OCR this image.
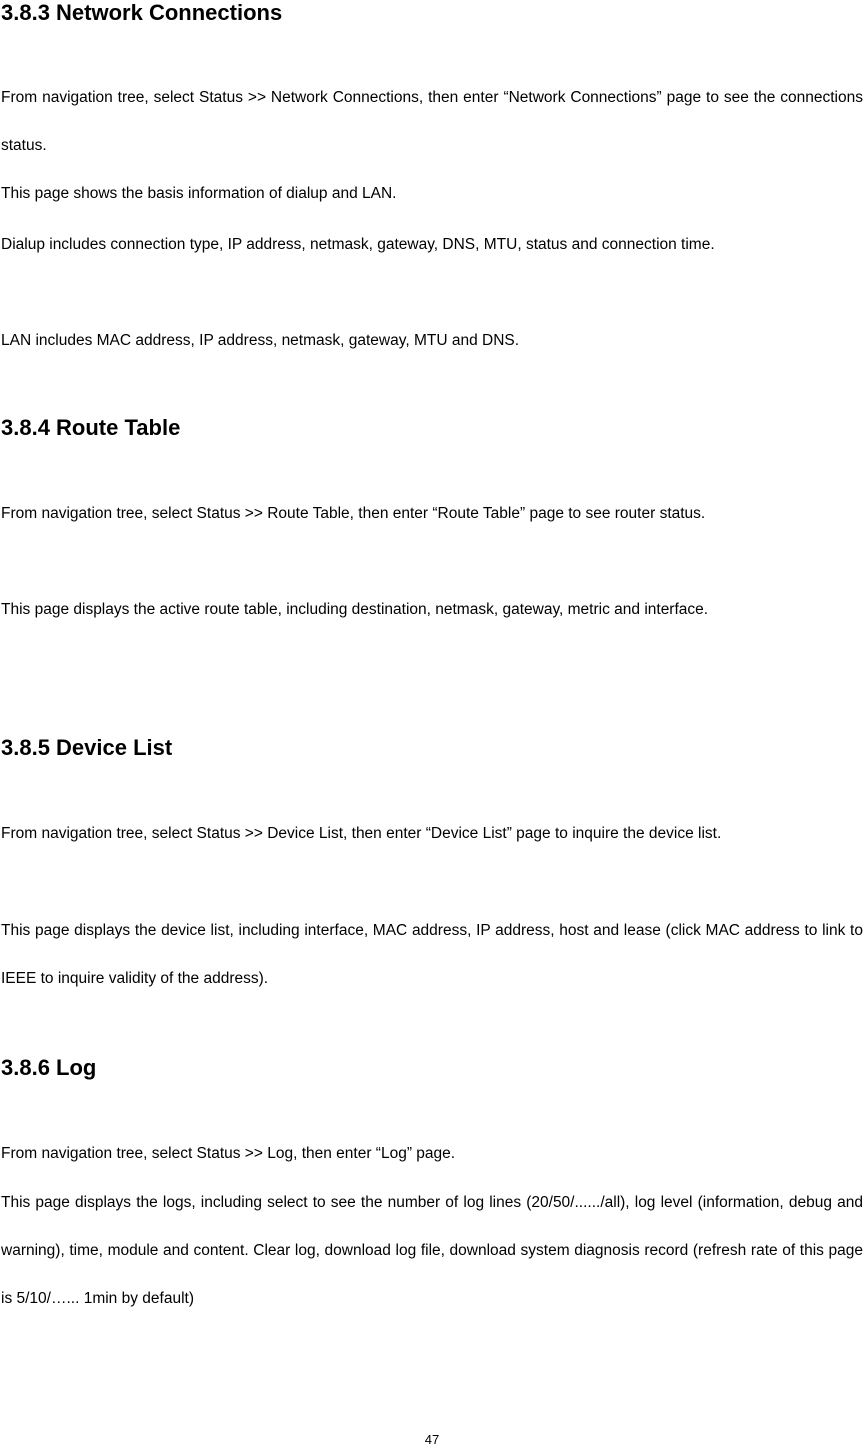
3.8.3 Network Connections

From navigation tree, select Status >> Network Connections, then enter “Network Connections” page to see the connections status.

This page shows the basis information of dialup and LAN.

Dialup includes connection type, IP address, netmask, gateway, DNS, MTU, status and connection time.

LAN includes MAC address, IP address, netmask, gateway, MTU and DNS.

3.8.4 Route Table

From navigation tree, select Status >> Route Table, then enter “Route Table” page to see router status.

This page displays the active route table, including destination, netmask, gateway, metric and interface.

3.8.5 Device List

From navigation tree, select Status >> Device List, then enter “Device List” page to inquire the device list.

This page displays the device list, including interface, MAC address, IP address, host and lease (click MAC address to link to IEEE to inquire validity of the address).

3.8.6 Log

From navigation tree, select Status >> Log, then enter “Log” page.

This page displays the logs, including select to see the number of log lines (20/50/....../all), log level (information, debug and warning), time, module and content. Clear log, download log file, download system diagnosis record (refresh rate of this page is 5/10/…... 1min by default)

47
